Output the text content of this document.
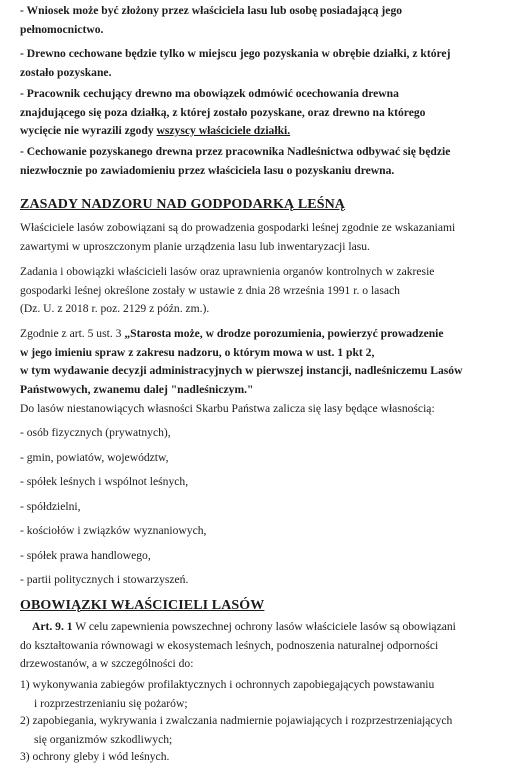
- Wniosek może być złożony przez właściciela lasu lub osobę posiadającą jego
pełnomocnictwo.

- Drewno cechowane będzie tylko w miejscu jego pozyskania w obrębie działki, z której
zostało pozyskane.

- Pracownik cechujący drewno ma obowiązek odmówić ocechowania drewna
znajdującego się poza działką, z której zostało pozyskane, oraz drewno na którego
wycięcie nie wyrazili zgody wszyscy właściciele działki.

- Cechowanie pozyskanego drewna przez pracownika Nadleśnictwa odbywać się będzie
niezwłocznie po zawiadomieniu przez właściciela lasu o pozyskaniu drewna.

ZASADY NADZORU NAD GODPODARKĄ LEŚNĄ

Właściciele lasów zobowiązani są do prowadzenia gospodarki leśnej zgodnie ze wskazaniami
zawartymi w uproszczonym planie urządzenia lasu lub inwentaryzacji lasu.

Zadania i obowiązki właścicieli lasów oraz uprawnienia organów kontrolnych w zakresie
gospodarki leśnej określone zostały w ustawie z dnia 28 września 1991 r. o lasach
(Dz. U. z 2018 r. poz. 2129 z późn. zm.).

Zgodnie z art. 5 ust. 3 „Starosta może, w drodze porozumienia, powierzyć prowadzenie
w jego imieniu spraw z zakresu nadzoru, o którym mowa w ust. 1 pkt 2,
w tym wydawanie decyzji administracyjnych w pierwszej instancji, nadleśniczemu Lasów
Państwowych, zwanemu dalej "nadleśniczym."

Do lasów niestanowiących własności Skarbu Państwa zalicza się lasy będące własnością:

- osób fizycznych (prywatnych),

- gmin, powiatów, województw,

- spółek leśnych i wspólnot leśnych,

- spółdzielni,

- kościołów i związków wyznaniowych,

- spółek prawa handlowego,

- partii politycznych i stowarzyszeń.

OBOWIĄZKI WŁAŚCICIELI LASÓW

Art. 9. 1 W celu zapewnienia powszechnej ochrony lasów właściciele lasów są obowiązani
do kształtowania równowagi w ekosystemach leśnych, podnoszenia naturalnej odporności
drzewostanów, a w szczególności do:

1) wykonywania zabiegów profilaktycznych i ochronnych zapobiegających powstawaniu
i rozprzestrzenianiu się pożarów;

2) zapobiegania, wykrywania i zwalczania nadmiernie pojawiających i rozprzestrzeniających
się organizmów szkodliwych;

3) ochrony gleby i wód leśnych.
